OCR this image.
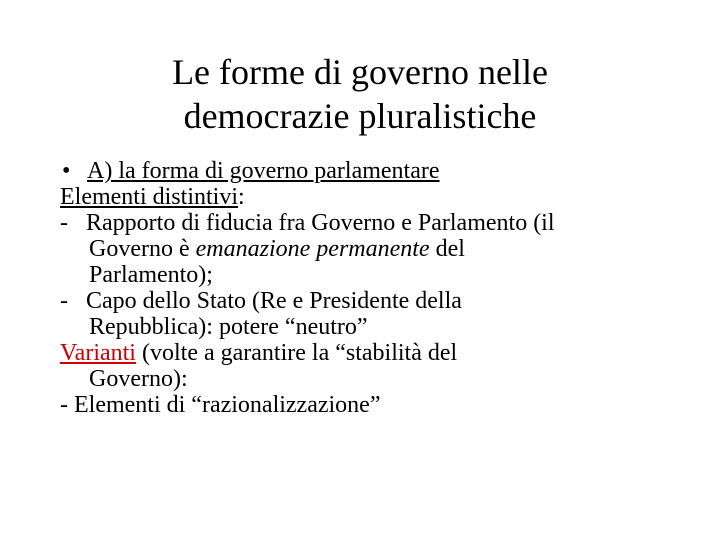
Le forme di governo nelle
democrazie pluralistiche
• A) la forma di governo parlamentare
Elementi distintivi:
- Rapporto di fiducia fra Governo e Parlamento (il
Governo è emanazione permanente del
Parlamento);
- Capo dello Stato (Re e Presidente della
Repubblica): potere “neutro”
Varianti (volte a garantire la “stabilità del
Governo):
- Elementi di “razionalizzazione”
